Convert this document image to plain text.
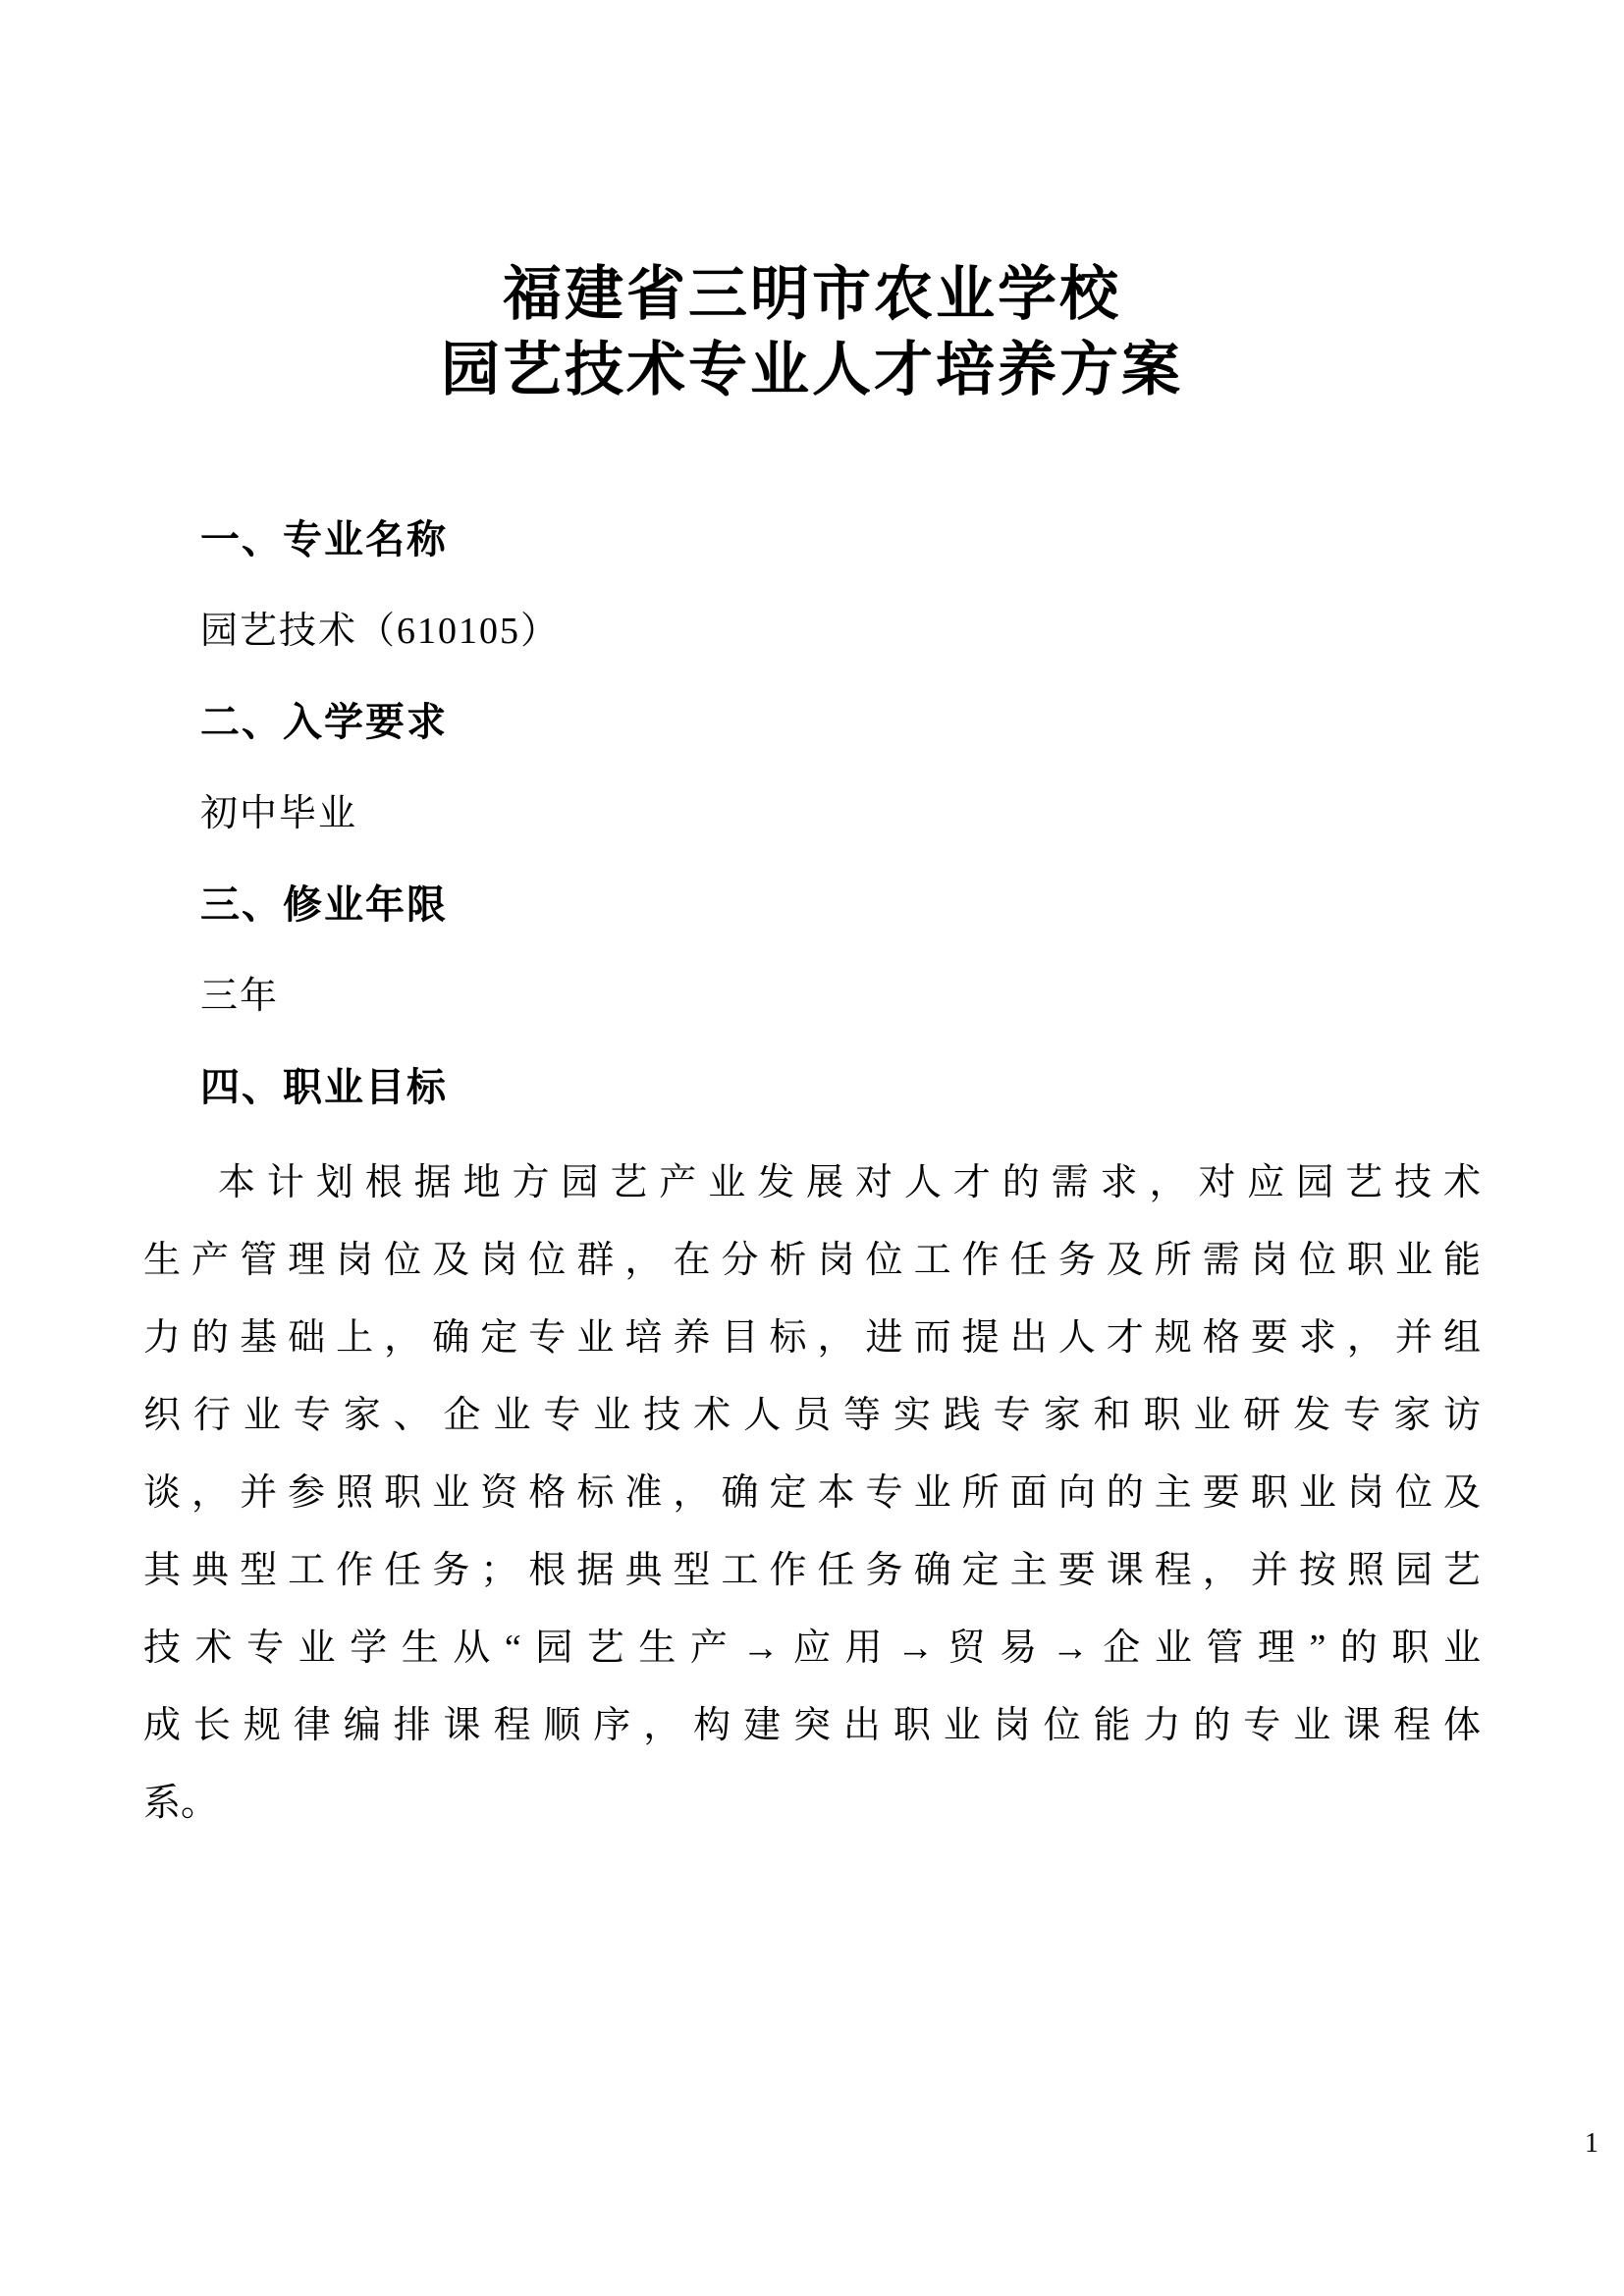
福建省三明市农业学校
园艺技术专业人才培养方案
一、专业名称
园艺技术（610105）
二、入学要求
初中毕业
三、修业年限
三年
四、职业目标
本计划根据地方园艺产业发展对人才的需求，对应园艺技术
生产管理岗位及岗位群，在分析岗位工作任务及所需岗位职业能
力的基础上，确定专业培养目标，进而提出人才规格要求，并组
织行业专家、企业专业技术人员等实践专家和职业研发专家访
谈，并参照职业资格标准，确定本专业所面向的主要职业岗位及
其典型工作任务；根据典型工作任务确定主要课程，并按照园艺
技术专业学生从“园艺生产→应用→贸易→企业管理”的职业
成长规律编排课程顺序，构建突出职业岗位能力的专业课程体
系。
1
